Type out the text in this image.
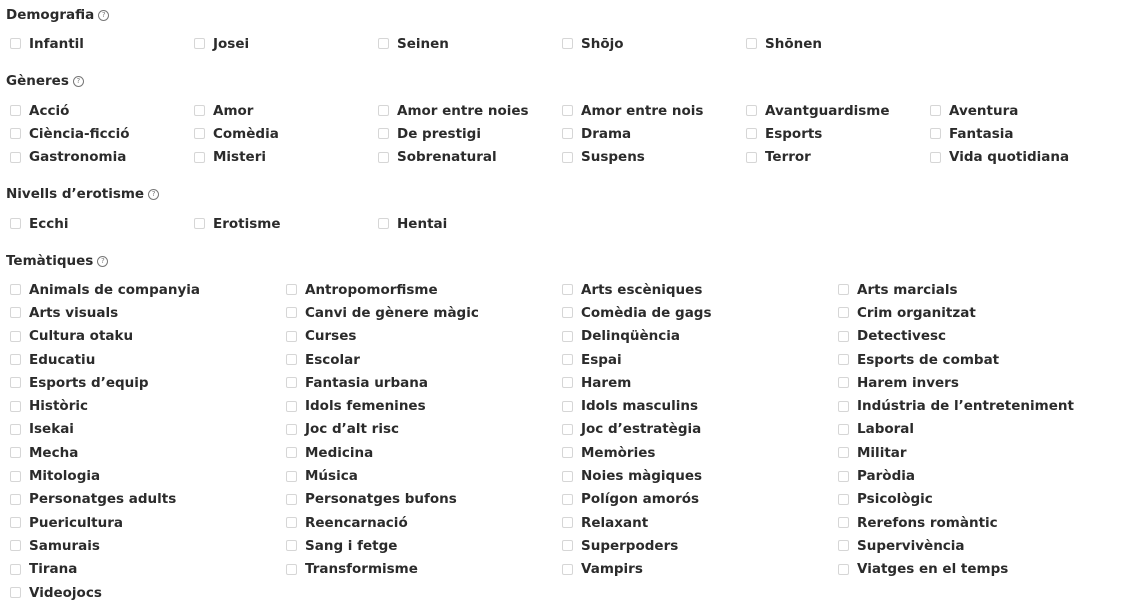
Demografia	?
Infantil	Josei	Seinen	Shōjo	Shōnen
Gèneres	?
Acció	Amor	Amor entre noies	Amor entre nois	Avantguardisme	Aventura
Ciència-ficció	Comèdia	De prestigi	Drama	Esports	Fantasia
Gastronomia	Misteri	Sobrenatural	Suspens	Terror	Vida quotidiana
Nivells d’erotisme	?
Ecchi	Erotisme	Hentai
Temàtiques	?
Animals de companyia	Antropomorfisme	Arts escèniques	Arts marcials
Arts visuals	Canvi de gènere màgic	Comèdia de gags	Crim organitzat
Cultura otaku	Curses	Delinqüència	Detectivesc
Educatiu	Escolar	Espai	Esports de combat
Esports d’equip	Fantasia urbana	Harem	Harem invers
Històric	Idols femenines	Idols masculins	Indústria de l’entreteniment
Isekai	Joc d’alt risc	Joc d’estratègia	Laboral
Mecha	Medicina	Memòries	Militar
Mitologia	Música	Noies màgiques	Paròdia
Personatges adults	Personatges bufons	Polígon amorós	Psicològic
Puericultura	Reencarnació	Relaxant	Rerefons romàntic
Samurais	Sang i fetge	Superpoders	Supervivència
Tirana	Transformisme	Vampirs	Viatges en el temps
Videojocs
